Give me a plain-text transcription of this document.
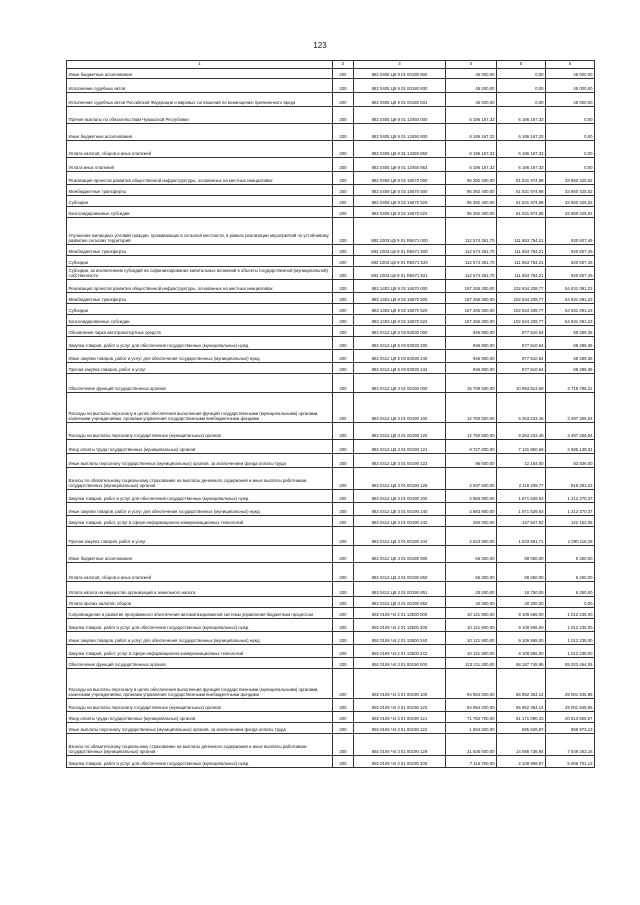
123
1	2	3	4	5	6
Иные бюджетные ассигнования	200	882 0405 Ц9 9 01 00180 800	45 000,00	0,00	45 000,00
Исполнение судебных актов	200	882 0405 Ц9 9 01 00180 830	45 000,00	0,00	45 000,00
Исполнение судебных актов Российской Федерации и мировых соглашений по возмещению причиненного вреда	200	882 0405 Ц9 9 01 00180 831	45 000,00	0,00	45 000,00
Прочие выплаты по обязательствам Чувашской Республики	200	882 0405 Ц9 9 01 13450 000	6 186 167,33	6 186 167,33	0,00
Иные бюджетные ассигнования	200	882 0405 Ц9 9 01 13450 800	6 186 167,33	6 186 167,33	0,00
Уплата налогов, сборов и иных платежей	200	882 0405 Ц9 9 01 13450 850	6 186 167,33	6 186 167,33	0,00
Уплата иных платежей	200	882 0405 Ц9 9 01 13450 853	6 186 167,33	6 186 167,33	0,00
Реализация проектов развития общественной инфраструктуры, основанных на местных инициативах	200	882 0409 Ц9 9 02 16570 000	95 392 400,00	61 531 974,98	33 860 425,02
Межбюджетные трансферты	200	882 0409 Ц9 9 02 16570 500	95 392 400,00	61 531 974,98	33 860 425,02
Субсидии	200	882 0409 Ц9 9 02 16570 520	95 392 400,00	61 531 974,98	33 860 425,02
Консолидированные субсидии	200	882 0409 Ц9 9 02 16570 523	95 392 400,00	61 531 974,98	33 860 425,02
Улучшение жилищных условий граждан, проживающих в сельской местности, в рамках реализации мероприятий по устойчивому развитию сельских территорий	200	882 1003 Ц9 9 01 R5671 000	112 574 361,70	111 653 754,21	920 607,49
Межбюджетные трансферты	200	882 1003 Ц9 9 01 R5671 500	112 574 361,70	111 653 754,21	920 607,49
Субсидии	200	882 1003 Ц9 9 01 R5671 520	112 574 361,70	111 653 754,21	920 607,49
Субсидии, за исключением субсидий на софинансирование капитальных вложений в объекты государственной (муниципальной) собственности	200	882 1003 Ц9 9 01 R5671 521	112 574 361,70	111 653 754,21	920 607,49
Реализация проектов развития общественной инфраструктуры, основанных на местных инициативах	200	882 1403 Ц9 9 02 16570 000	157 265 300,00	102 634 208,77	54 631 091,23
Межбюджетные трансферты	200	882 1403 Ц9 9 02 16570 500	157 265 300,00	102 634 208,77	54 631 091,23
Субсидии	200	882 1403 Ц9 9 02 16570 520	157 265 300,00	102 634 208,77	54 631 091,23
Консолидированные субсидии	200	882 1403 Ц9 9 02 16570 523	157 265 300,00	102 634 208,77	54 631 091,23
Обновление парка автотранспортных средств	200	883 0412 Ц9 5 03 60030 000	946 800,00	877 510,64	69 289,36
Закупка товаров, работ и услуг для обеспечения государственных (муниципальных) нужд	200	883 0412 Ц9 5 03 60030 200	946 800,00	877 510,64	69 289,36
Иные закупки товаров, работ и услуг для обеспечения государственных (муниципальных) нужд	200	883 0412 Ц9 5 03 60030 240	946 800,00	877 510,64	69 289,36
Прочая закупка товаров, работ и услуг	200	883 0412 Ц9 5 03 60030 244	946 800,00	877 510,64	69 289,36
Обеспечение функций государственных органов	200	883 0412 Ц9 3 01 00190 000	15 709 600,00	10 993 813,69	4 715 786,31
Расходы на выплаты персоналу в целях обеспечения выполнения функций государственными (муниципальными) органами, казенными учреждениями, органами управления государственными внебюджетными фондами	200	883 0412 Ц9 3 01 00190 100	12 760 500,00	9 263 233,46	3 497 266,54
Расходы на выплаты персоналу государственных (муниципальных) органов	200	883 0412 Ц9 3 01 00190 120	12 760 500,00	9 263 233,46	3 497 266,54
Фонд оплаты труда государственных (муниципальных) органов	200	883 0412 Ц9 3 01 00190 121	9 727 000,00	7 131 860,69	2 595 139,31
Иные выплаты персоналу государственных (муниципальных) органов, за исключением фонда оплаты труда	200	883 0412 Ц9 3 01 00190 122	96 000,00	12 164,00	83 836,00
Взносы по обязательному социальному страхованию на выплаты денежного содержания и иные выплаты работникам государственных (муниципальных) органов	200	883 0412 Ц9 3 01 00190 129	2 937 500,00	2 119 208,77	818 291,23
Закупка товаров, работ и услуг для обеспечения государственных (муниципальных) нужд	200	883 0412 Ц9 3 01 00190 200	2 883 800,00	1 671 529,63	1 212 270,37
Иные закупки товаров, работ и услуг для обеспечения государственных (муниципальных) нужд	200	883 0412 Ц9 3 01 00190 240	2 883 800,00	1 671 529,63	1 212 270,37
Закупка товаров, работ, услуг в сфере информационно-коммуникационных технологий	200	883 0412 Ц9 3 01 00190 242	260 000,00	137 847,92	122 152,08
Прочая закупка товаров, работ и услуг	200	883 0412 Ц9 3 01 00190 244	2 623 800,00	1 533 681,71	1 090 118,29
Иные бюджетные ассигнования	200	883 0412 Ц9 3 01 00190 800	65 300,00	59 050,00	6 250,00
Уплата налогов, сборов и иных платежей	200	883 0412 Ц9 3 01 00190 850	65 300,00	59 050,00	6 250,00
Уплата налога на имущество организаций и земельного налога	200	883 0412 Ц9 3 01 00190 851	25 000,00	18 750,00	6 250,00
Уплата прочих налогов, сборов	200	883 0412 Ц9 3 01 00190 852	40 300,00	40 300,00	0,00
Сопровождение и развитие программного обеспечения автоматизированной системы управления бюджетным процессом	200	892 0106 Ч4 2 01 13500 000	10 121 900,00	9 109 665,00	1 012 235,00
Закупка товаров, работ и услуг для обеспечения государственных (муниципальных) нужд	200	892 0106 Ч4 2 01 13500 200	10 121 900,00	9 109 665,00	1 012 235,00
Иные закупки товаров, работ и услуг для обеспечения государственных (муниципальных) нужд	200	892 0106 Ч4 2 01 13500 240	10 121 900,00	9 109 665,00	1 012 235,00
Закупка товаров, работ, услуг в сфере информационно-коммуникационных технологий	200	892 0106 Ч4 2 01 13500 242	10 121 900,00	9 109 665,00	1 012 235,00
Обеспечение функций государственных органов	200	892 0106 Ч4 3 01 00190 000	123 211 200,00	68 187 745,95	55 023 454,05
Расходы на выплаты персоналу в целях обеспечения выполнения функций государственными (муниципальными) органами, казенными учреждениями, органами управления государственными внебюджетными фондами	200	892 0106 Ч4 3 01 00190 100	94 954 200,00	65 952 354,14	29 001 845,86
Расходы на выплаты персоналу государственных (муниципальных) органов	200	892 0106 Ч4 3 01 00190 120	94 954 200,00	65 952 354,14	29 001 845,86
Фонд оплаты труда государственных (муниципальных) органов	200	892 0106 Ч4 3 01 00190 121	71 784 700,00	51 171 090,43	20 613 609,57
Иные выплаты персоналу государственных (муниципальных) органов, за исключением фонда оплаты труда	200	892 0106 Ч4 3 01 00190 122	1 554 500,00	695 526,87	858 973,13
Взносы по обязательному социальному страхованию на выплаты денежного содержания и иные выплаты работникам государственных (муниципальных) органов	200	892 0106 Ч4 3 01 00190 129	21 635 000,00	14 085 736,84	7 549 263,16
Закупка товаров, работ и услуг для обеспечения государственных (муниципальных) нужд	200	892 0106 Ч4 3 01 00190 200	7 116 700,00	2 109 998,87	5 006 701,13
